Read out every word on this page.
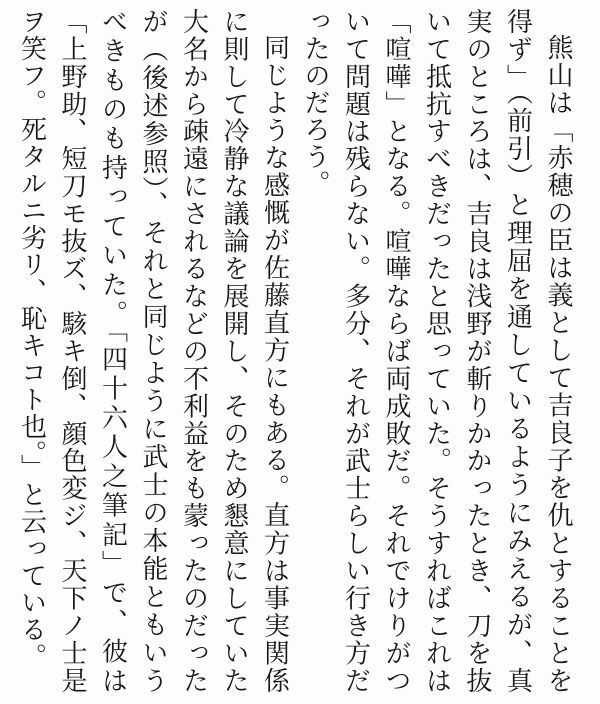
熊山は「赤穂の臣は義として吉良子を仇とすることを得ず」（前引）と理屈を通しているようにみえるが、真実のところは、吉良は浅野が斬りかかったとき、刀を抜いて抵抗すべきだったと思っていた。そうすればこれは「喧嘩」となる。喧嘩ならば両成敗だ。それでけりがついて問題は残らない。多分、それが武士らしい行き方だったのだろう。

同じような感慨が佐藤直方にもある。直方は事実関係に則して冷静な議論を展開し、そのため懇意にしていた大名から疎遠にされるなどの不利益をも蒙ったのだったが（後述参照）、それと同じように武士の本能ともいうべきものも持っていた。「四十六人之筆記」で、彼は「上野助、短刀モ抜ズ、駭キ倒、顔色変ジ、天下ノ士是ヲ笑フ。死タルニ劣リ、恥キコト也。」と云っている。
